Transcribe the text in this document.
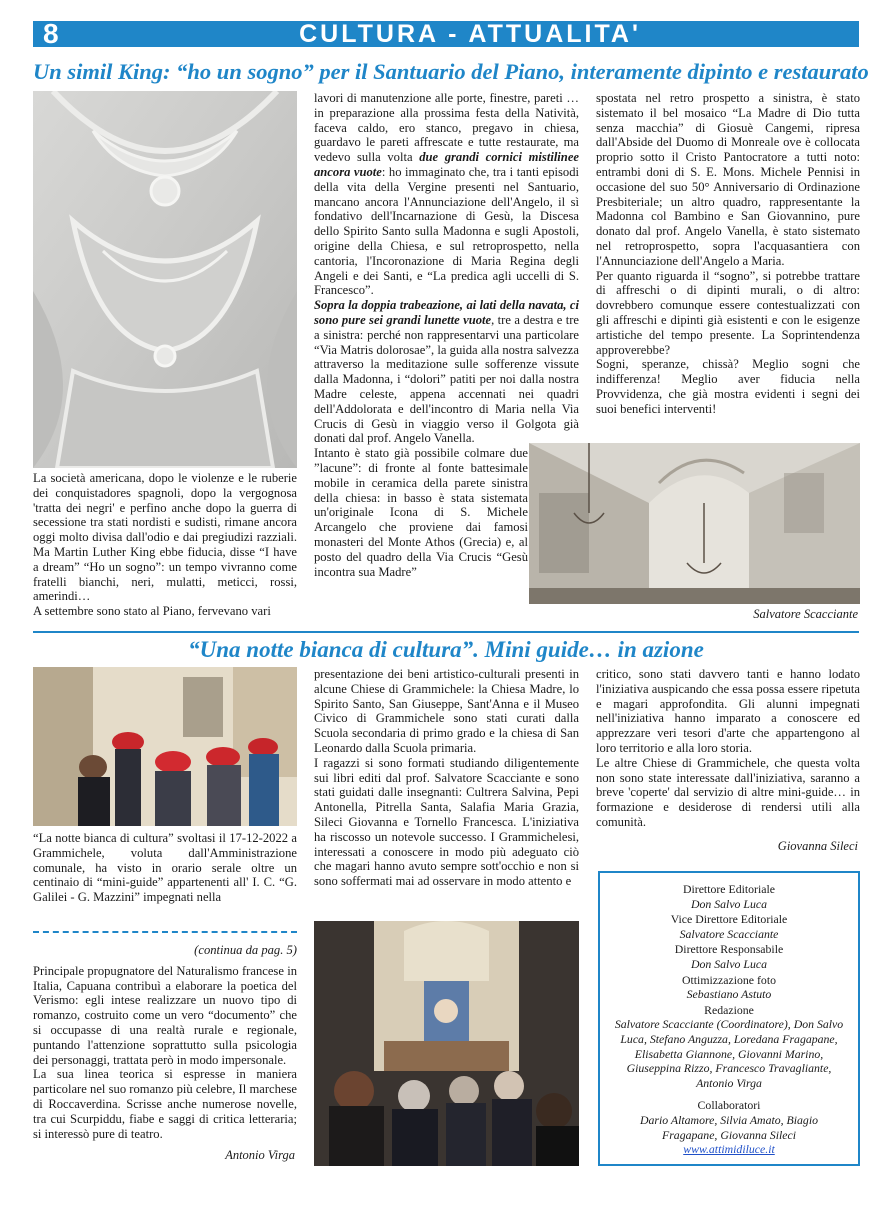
8	CULTURA - ATTUALITA'
Un simil King: “ho un sogno” per il Santuario del Piano, interamente dipinto e restaurato

La società americana, dopo le violenze e le ruberie dei conquistadores spagnoli, dopo la vergognosa 'tratta dei negri' e perfino anche dopo la guerra di secessione tra stati nordisti e sudisti, rimane ancora oggi molto divisa dall'odio e dai pregiudizi razziali. Ma Martin Luther King ebbe fiducia, disse “I have a dream” “Ho un sogno”: un tempo vivranno come fratelli bianchi, neri, mulatti, meticci, rossi, amerindi…

A settembre sono stato al Piano, fervevano vari

lavori di manutenzione alle porte, finestre, pareti … in preparazione alla prossima festa della Natività, faceva caldo, ero stanco, pregavo in chiesa, guardavo le pareti affrescate e tutte restaurate, ma vedevo sulla volta due grandi cornici mistilinee ancora vuote: ho immaginato che, tra i tanti episodi della vita della Vergine presenti nel Santuario, mancano ancora l'Annunciazione dell'Angelo, il sì fondativo dell'Incarnazione di Gesù, la Discesa dello Spirito Santo sulla Madonna e sugli Apostoli, origine della Chiesa, e sul retroprospetto, nella cantoria, l'Incoronazione di Maria Regina degli Angeli e dei Santi, e “La predica agli uccelli di S. Francesco”.

Sopra la doppia trabeazione, ai lati della navata, ci sono pure sei grandi lunette vuote, tre a destra e tre a sinistra: perché non rappresentarvi una particolare “Via Matris dolorosae”, la guida alla nostra salvezza attraverso la meditazione sulle sofferenze vissute dalla Madonna, i “dolori” patiti per noi dalla nostra Madre celeste, appena accennati nei quadri dell'Addolorata e dell'incontro di Maria nella Via Crucis di Gesù in viaggio verso il Golgota già donati dal prof. Angelo Vanella.

Intanto è stato già possibile colmare due ”lacune”: di fronte al fonte battesimale mobile in ceramica della parete sinistra della chiesa: in basso è stata sistemata un'originale Icona di S. Michele Arcangelo che proviene dai famosi monasteri del Monte Athos (Grecia) e, al posto del quadro della Via Crucis “Gesù incontra sua Madre”

spostata nel retro prospetto a sinistra, è stato sistemato il bel mosaico “La Madre di Dio tutta senza macchia” di Giosuè Cangemi, ripresa dall'Abside del Duomo di Monreale ove è collocata proprio sotto il Cristo Pantocratore a tutti noto: entrambi doni di S. E. Mons. Michele Pennisi in occasione del suo 50° Anniversario di Ordinazione Presbiteriale; un altro quadro, rappresentante la Madonna col Bambino e San Giovannino, pure donato dal prof. Angelo Vanella, è stato sistemato nel retroprospetto, sopra l'acquasantiera con l'Annunciazione dell'Angelo a Maria.

Per quanto riguarda il “sogno”, si potrebbe trattare di affreschi o di dipinti murali, o di altro: dovrebbero comunque essere contestualizzati con gli affreschi e dipinti già esistenti e con le esigenze artistiche del tempo presente. La Soprintendenza approverebbe?

Sogni, speranze, chissà? Meglio sogni che indifferenza! Meglio aver fiducia nella Provvidenza, che già mostra evidenti i segni dei suoi benefici interventi!

Salvatore Scacciante
“Una notte bianca di cultura”. Mini guide… in azione
“La notte bianca di cultura” svoltasi il 17-12-2022 a Grammichele, voluta dall'Amministrazione comunale, ha visto in orario serale oltre un centinaio di “mini-guide” appartenenti all' I. C. “G. Galilei - G. Mazzini” impegnati nella

(continua da pag. 5)

Principale propugnatore del Naturalismo francese in Italia, Capuana contribuì a elaborare la poetica del Verismo: egli intese realizzare un nuovo tipo di romanzo, costruito come un vero “documento” che si occupasse di una realtà rurale e regionale, puntando l'attenzione soprattutto sulla psicologia dei personaggi, trattata però in modo impersonale.

La sua linea teorica si espresse in maniera particolare nel suo romanzo più celebre, Il marchese di Roccaverdina. Scrisse anche numerose novelle, tra cui Scurpiddu, fiabe e saggi di critica letteraria; si interessò pure di teatro.

Antonio Virga

presentazione dei beni artistico-culturali presenti in alcune Chiese di Grammichele: la Chiesa Madre, lo Spirito Santo, San Giuseppe, Sant'Anna e il Museo Civico di Grammichele sono stati curati dalla Scuola secondaria di primo grado e la chiesa di San Leonardo dalla Scuola primaria.

I ragazzi si sono formati studiando diligentemente sui libri editi dal prof. Salvatore Scacciante e sono stati guidati dalle insegnanti: Cultrera Salvina, Pepi Antonella, Pitrella Santa, Salafia Maria Grazia, Sileci Giovanna e Tornello Francesca. L'iniziativa ha riscosso un notevole successo. I Grammichelesi, interessati a conoscere in modo più adeguato ciò che magari hanno avuto sempre sott'occhio e non si sono soffermati mai ad osservare in modo attento e

critico, sono stati davvero tanti e hanno lodato l'iniziativa auspicando che essa possa essere ripetuta e magari approfondita. Gli alunni impegnati nell'iniziativa hanno imparato a conoscere ed apprezzare veri tesori d'arte che appartengono al loro territorio e alla loro storia.

Le altre Chiese di Grammichele, che questa volta non sono state interessate dall'iniziativa, saranno a breve 'coperte' dal servizio di altre mini-guide… in formazione e desiderose di rendersi utili alla comunità.

Giovanna Sileci
Direttore Editoriale
Don Salvo Luca
Vice Direttore Editoriale
Salvatore Scacciante
Direttore Responsabile
Don Salvo Luca
Ottimizzazione foto
Sebastiano Astuto
Redazione
Salvatore Scacciante (Coordinatore), Don Salvo Luca, Stefano Anguzza, Loredana Fragapane, Elisabetta Giannone, Giovanni Marino, Giuseppina Rizzo, Francesco Travagliante, Antonio Virga
Collaboratori
Dario Altamore, Silvia Amato, Biagio Fragapane, Giovanna Sileci
www.attimidiluce.it
